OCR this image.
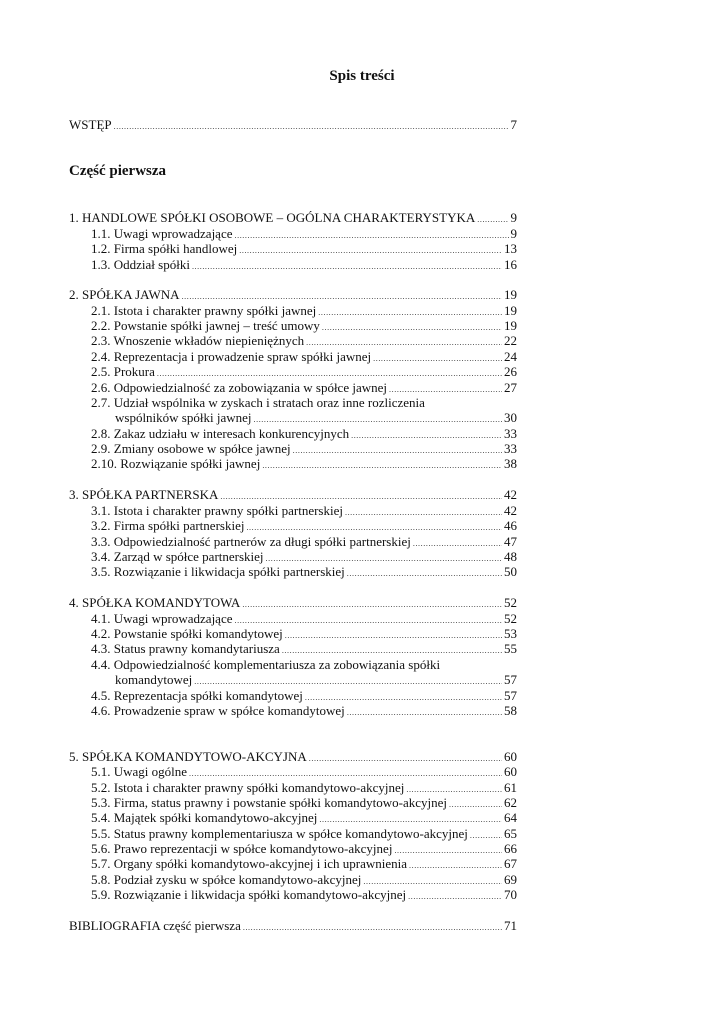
Spis treści
WSTĘP .....	7
Część pierwsza
1. HANDLOWE SPÓŁKI OSOBOWE – OGÓLNA CHARAKTERYSTYKA .....	9
1.1. Uwagi wprowadzające .....	9
1.2. Firma spółki handlowej .....	13
1.3. Oddział spółki .....	16
2. SPÓŁKA JAWNA .....	19
2.1. Istota i charakter prawny spółki jawnej .....	19
2.2. Powstanie spółki jawnej – treść umowy .....	19
2.3. Wnoszenie wkładów niepieniężnych .....	22
2.4. Reprezentacja i prowadzenie spraw spółki jawnej .....	24
2.5. Prokura .....	26
2.6. Odpowiedzialność za zobowiązania w spółce jawnej .....	27
2.7. Udział wspólnika w zyskach i stratach oraz inne rozliczenia
wspólników spółki jawnej .....	30
2.8. Zakaz udziału w interesach konkurencyjnych .....	33
2.9. Zmiany osobowe w spółce jawnej .....	33
2.10. Rozwiązanie spółki jawnej .....	38
3. SPÓŁKA PARTNERSKA .....	42
3.1. Istota i charakter prawny spółki partnerskiej .....	42
3.2. Firma spółki partnerskiej .....	46
3.3. Odpowiedzialność partnerów za długi spółki partnerskiej .....	47
3.4. Zarząd w spółce partnerskiej .....	48
3.5. Rozwiązanie i likwidacja spółki partnerskiej .....	50
4. SPÓŁKA KOMANDYTOWA .....	52
4.1. Uwagi wprowadzające .....	52
4.2. Powstanie spółki komandytowej .....	53
4.3. Status prawny komandytariusza .....	55
4.4. Odpowiedzialność komplementariusza za zobowiązania spółki
komandytowej .....	57
4.5. Reprezentacja spółki komandytowej .....	57
4.6. Prowadzenie spraw w spółce komandytowej .....	58
5. SPÓŁKA KOMANDYTOWO-AKCYJNA .....	60
5.1. Uwagi ogólne .....	60
5.2. Istota i charakter prawny spółki komandytowo-akcyjnej .....	61
5.3. Firma, status prawny i powstanie spółki komandytowo-akcyjnej .....	62
5.4. Majątek spółki komandytowo-akcyjnej .....	64
5.5. Status prawny komplementariusza w spółce komandytowo-akcyjnej .....	65
5.6. Prawo reprezentacji w spółce komandytowo-akcyjnej .....	66
5.7. Organy spółki komandytowo-akcyjnej i ich uprawnienia .....	67
5.8. Podział zysku w spółce komandytowo-akcyjnej .....	69
5.9. Rozwiązanie i likwidacja spółki komandytowo-akcyjnej .....	70
BIBLIOGRAFIA część pierwsza .....	71
